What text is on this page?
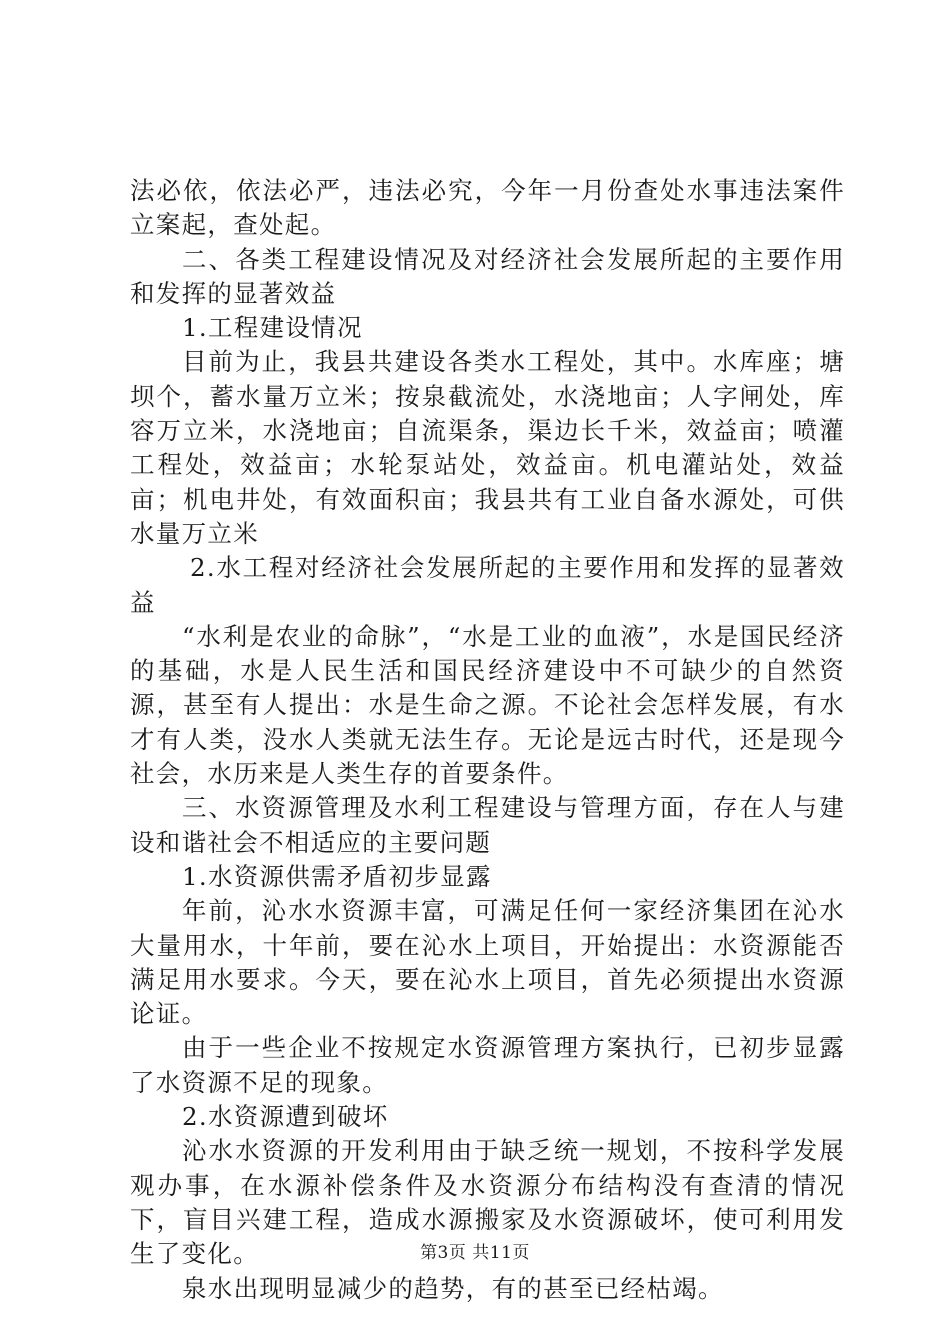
法必依，依法必严，违法必究，今年一月份查处水事违法案件立案起，查处起。

二、各类工程建设情况及对经济社会发展所起的主要作用和发挥的显著效益

1.工程建设情况

目前为止，我县共建设各类水工程处，其中。水库座；塘坝个，蓄水量万立米；按泉截流处，水浇地亩；人字闸处，库容万立米，水浇地亩；自流渠条，渠边长千米，效益亩；喷灌工程处，效益亩；水轮泵站处，效益亩。机电灌站处，效益亩；机电井处，有效面积亩；我县共有工业自备水源处，可供水量万立米

2.水工程对经济社会发展所起的主要作用和发挥的显著效益

“水利是农业的命脉”，“水是工业的血液”，水是国民经济的基础，水是人民生活和国民经济建设中不可缺少的自然资源，甚至有人提出：水是生命之源。不论社会怎样发展，有水才有人类，没水人类就无法生存。无论是远古时代，还是现今社会，水历来是人类生存的首要条件。

三、水资源管理及水利工程建设与管理方面，存在人与建设和谐社会不相适应的主要问题

1.水资源供需矛盾初步显露

年前，沁水水资源丰富，可满足任何一家经济集团在沁水大量用水，十年前，要在沁水上项目，开始提出：水资源能否满足用水要求。今天，要在沁水上项目，首先必须提出水资源论证。

由于一些企业不按规定水资源管理方案执行，已初步显露了水资源不足的现象。

2.水资源遭到破坏

沁水水资源的开发利用由于缺乏统一规划，不按科学发展观办事，在水源补偿条件及水资源分布结构没有查清的情况下，盲目兴建工程，造成水源搬家及水资源破坏，使可利用发生了变化。

泉水出现明显减少的趋势，有的甚至已经枯竭。

第3页 共11页
